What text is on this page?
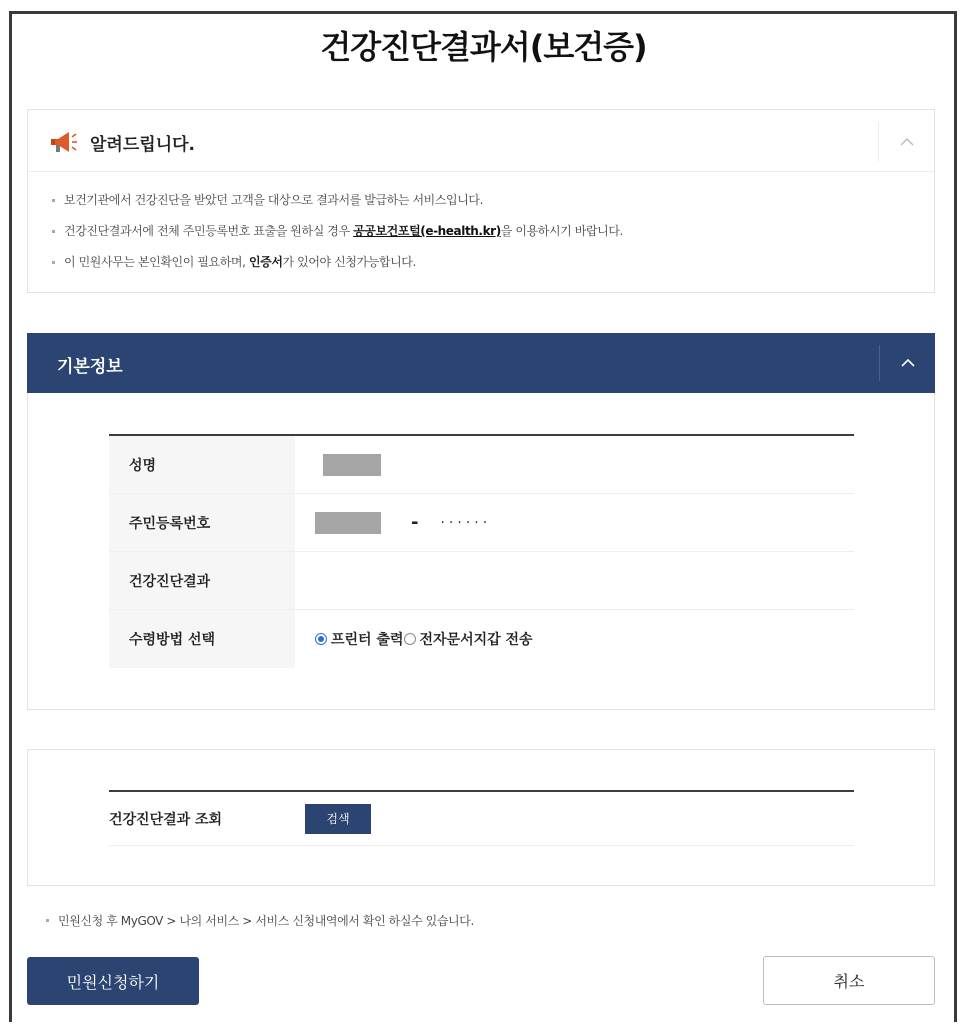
건강진단결과서(보건증)
알려드립니다.
보건기관에서 건강진단을 받았던 고객을 대상으로 결과서를 발급하는 서비스입니다.
건강진단결과서에 전체 주민등록번호 표출을 원하실 경우 공공보건포털(e-health.kr)을 이용하시기 바랍니다.
이 민원사무는 본인확인이 필요하며, 인증서가 있어야 신청가능합니다.
기본정보
성명
주민등록번호	- ······
건강진단결과
수령방법 선택	프린터 출력 전자문서지갑 전송
건강진단결과 조회	검색

민원신청 후 MyGOV > 나의 서비스 > 서비스 신청내역에서 확인 하실수 있습니다.

민원신청하기	취소
